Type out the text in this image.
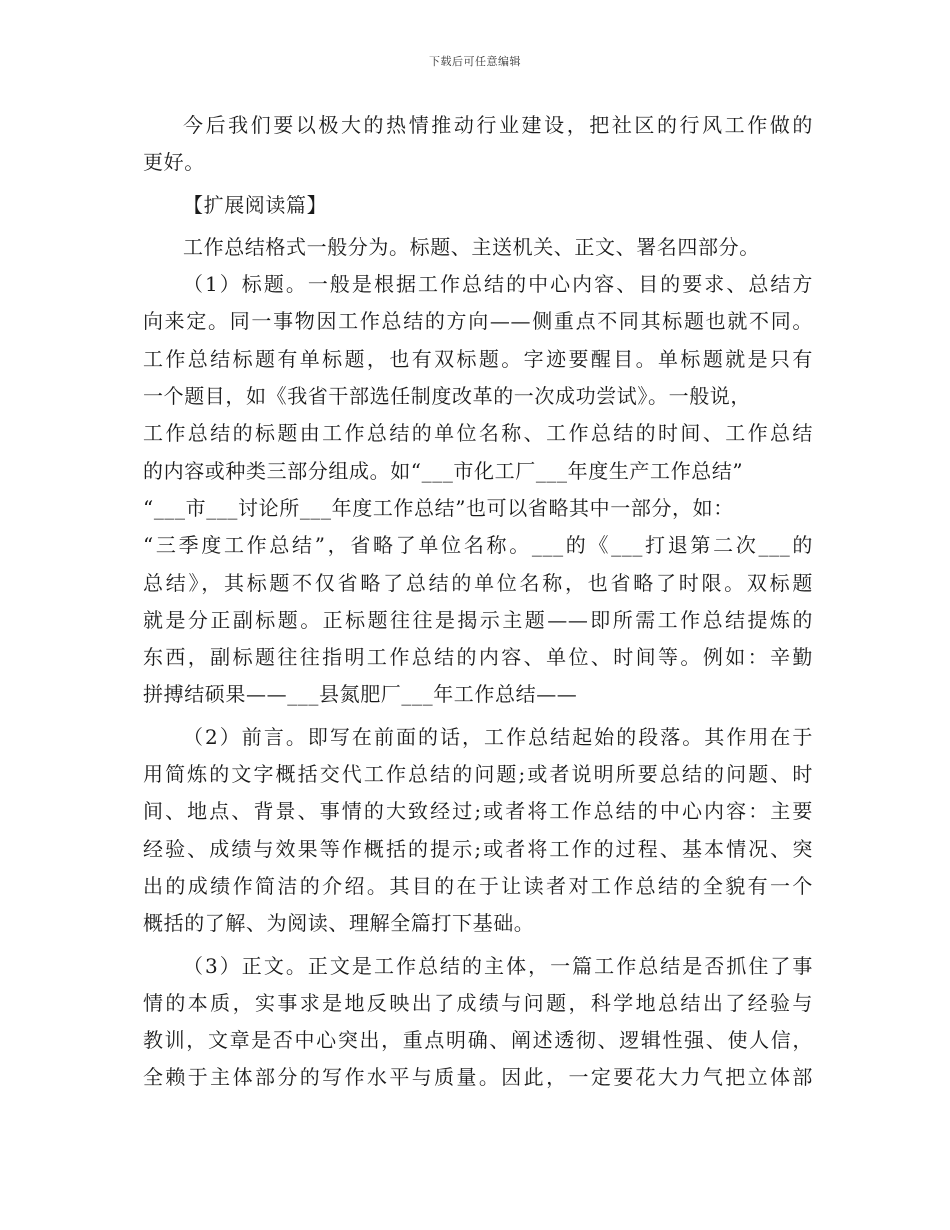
下载后可任意编辑
今后我们要以极大的热情推动行业建设，把社区的行风工作做的
更好。
【扩展阅读篇】
工作总结格式一般分为。标题、主送机关、正文、署名四部分。
（1）标题。一般是根据工作总结的中心内容、目的要求、总结方
向来定。同一事物因工作总结的方向——侧重点不同其标题也就不同。
工作总结标题有单标题，也有双标题。字迹要醒目。单标题就是只有
一个题目，如《我省干部选任制度改革的一次成功尝试》。一般说，
工作总结的标题由工作总结的单位名称、工作总结的时间、工作总结
的内容或种类三部分组成。如“___市化工厂___年度生产工作总结”
“___市___讨论所___年度工作总结”也可以省略其中一部分，如：
“三季度工作总结”，省略了单位名称。___的《___打退第二次___的
总结》，其标题不仅省略了总结的单位名称，也省略了时限。双标题
就是分正副标题。正标题往往是揭示主题——即所需工作总结提炼的
东西，副标题往往指明工作总结的内容、单位、时间等。例如：辛勤
拼搏结硕果——___县氮肥厂___年工作总结——
（2）前言。即写在前面的话，工作总结起始的段落。其作用在于
用简炼的文字概括交代工作总结的问题;或者说明所要总结的问题、时
间、地点、背景、事情的大致经过;或者将工作总结的中心内容：主要
经验、成绩与效果等作概括的提示;或者将工作的过程、基本情况、突
出的成绩作简洁的介绍。其目的在于让读者对工作总结的全貌有一个
概括的了解、为阅读、理解全篇打下基础。
（3）正文。正文是工作总结的主体，一篇工作总结是否抓住了事
情的本质，实事求是地反映出了成绩与问题，科学地总结出了经验与
教训，文章是否中心突出，重点明确、阐述透彻、逻辑性强、使人信，
全赖于主体部分的写作水平与质量。因此，一定要花大力气把立体部
